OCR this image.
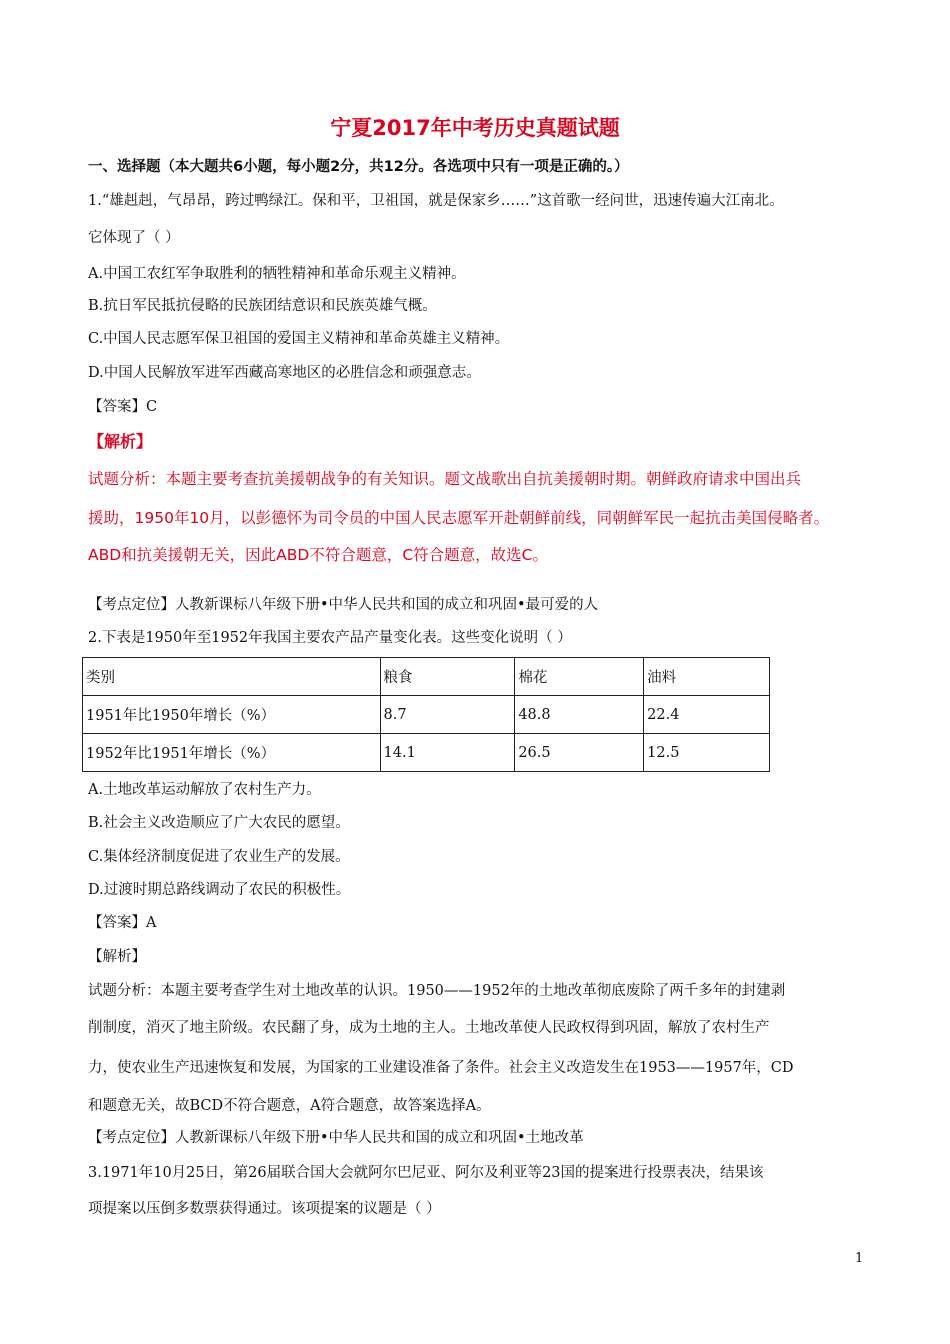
宁夏2017年中考历史真题试题
一、选择题（本大题共6小题，每小题2分，共12分。各选项中只有一项是正确的。）
1.“雄赳赳，气昂昂，跨过鸭绿江。保和平，卫祖国，就是保家乡……”这首歌一经问世，迅速传遍大江南北。
它体现了（ ）
A.中国工农红军争取胜利的牺牲精神和革命乐观主义精神。
B.抗日军民抵抗侵略的民族团结意识和民族英雄气概。
C.中国人民志愿军保卫祖国的爱国主义精神和革命英雄主义精神。
D.中国人民解放军进军西藏高寒地区的必胜信念和顽强意志。
【答案】C
【解析】
试题分析：本题主要考查抗美援朝战争的有关知识。题文战歌出自抗美援朝时期。朝鲜政府请求中国出兵
援助，1950年10月，以彭德怀为司令员的中国人民志愿军开赴朝鲜前线，同朝鲜军民一起抗击美国侵略者。
ABD和抗美援朝无关，因此ABD不符合题意，C符合题意，故选C。
【考点定位】人教新课标八年级下册•中华人民共和国的成立和巩固•最可爱的人
2.下表是1950年至1952年我国主要农产品产量变化表。这些变化说明（ ）
类别	粮食	棉花	油料
1951年比1950年增长（%）	8.7	48.8	22.4
1952年比1951年增长（%）	14.1	26.5	12.5
A.土地改革运动解放了农村生产力。
B.社会主义改造顺应了广大农民的愿望。
C.集体经济制度促进了农业生产的发展。
D.过渡时期总路线调动了农民的积极性。
【答案】A
【解析】
试题分析：本题主要考查学生对土地改革的认识。1950——1952年的土地改革彻底废除了两千多年的封建剥
削制度，消灭了地主阶级。农民翻了身，成为土地的主人。土地改革使人民政权得到巩固，解放了农村生产
力，使农业生产迅速恢复和发展，为国家的工业建设准备了条件。社会主义改造发生在1953——1957年，CD
和题意无关，故BCD不符合题意，A符合题意，故答案选择A。
【考点定位】人教新课标八年级下册•中华人民共和国的成立和巩固•土地改革
3.1971年10月25日，第26届联合国大会就阿尔巴尼亚、阿尔及利亚等23国的提案进行投票表决，结果该
项提案以压倒多数票获得通过。该项提案的议题是（ ）
1
